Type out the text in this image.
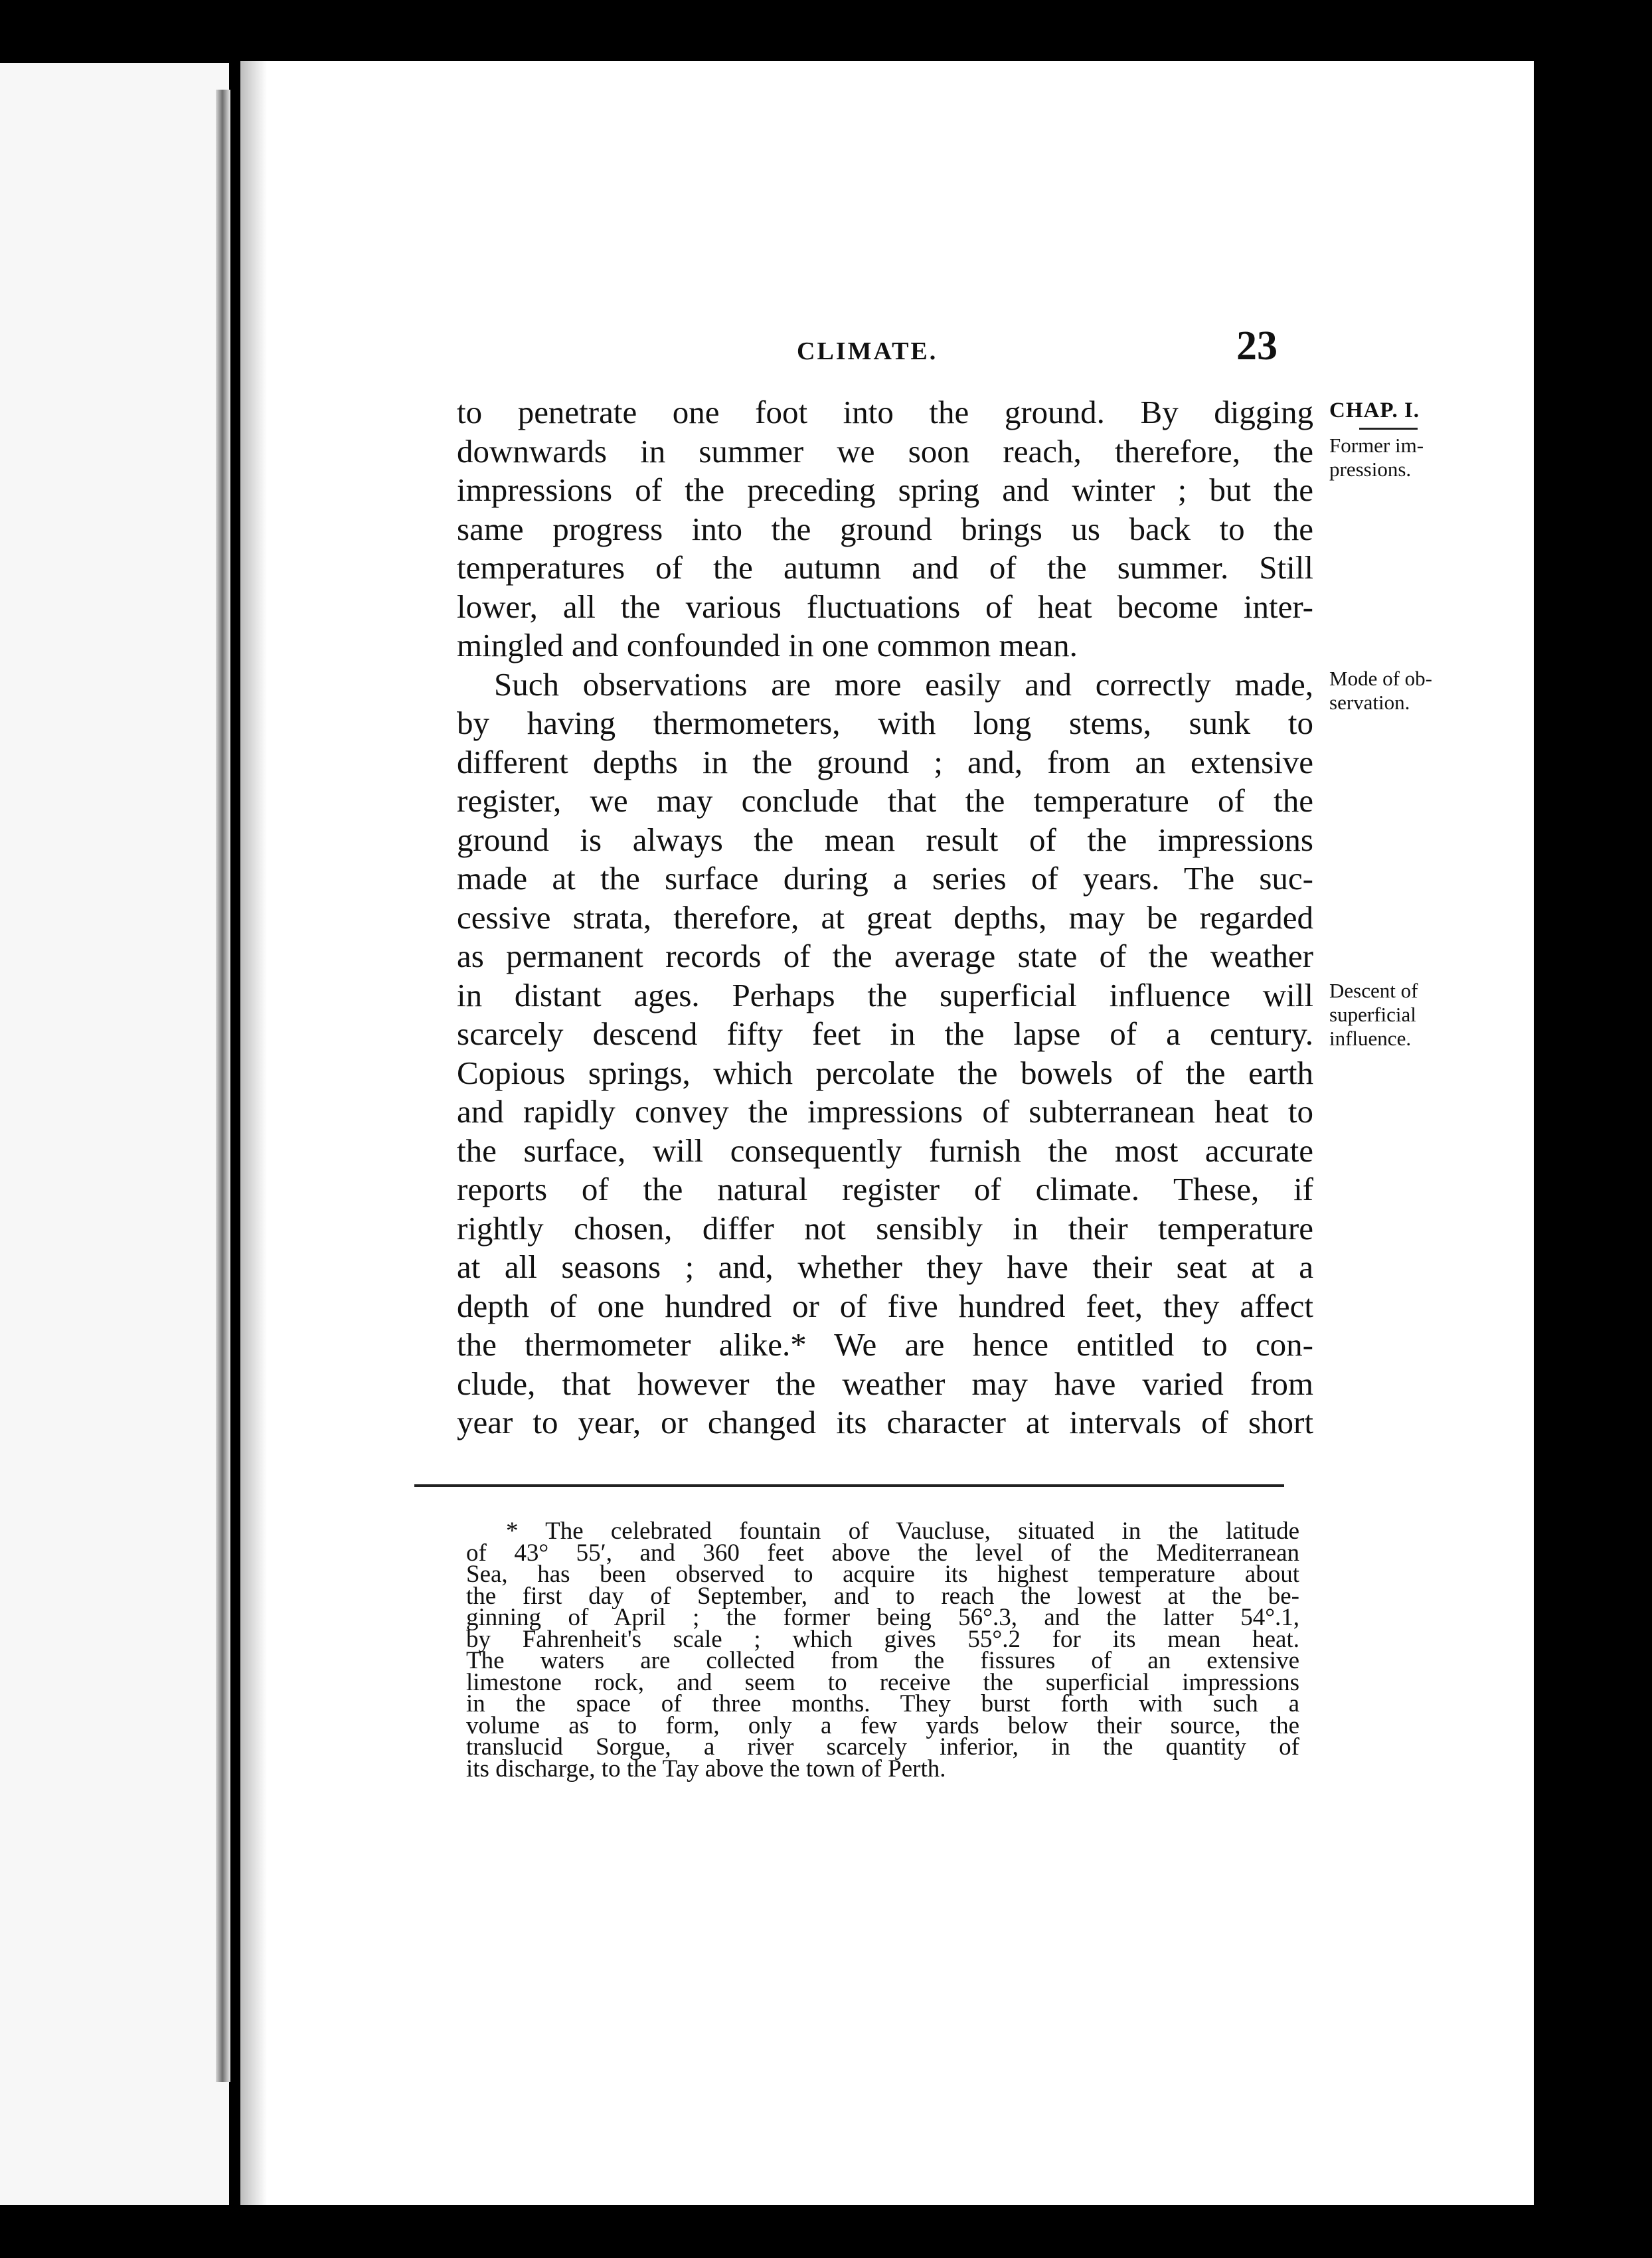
CLIMATE.	23
to penetrate one foot into the ground. By digging
downwards in summer we soon reach, therefore, the
impressions of the preceding spring and winter ; but the
same progress into the ground brings us back to the
temperatures of the autumn and of the summer. Still
lower, all the various fluctuations of heat become inter-
mingled and confounded in one common mean.
Such observations are more easily and correctly made,
by having thermometers, with long stems, sunk to
different depths in the ground ; and, from an extensive
register, we may conclude that the temperature of the
ground is always the mean result of the impressions
made at the surface during a series of years. The suc-
cessive strata, therefore, at great depths, may be regarded
as permanent records of the average state of the weather
in distant ages. Perhaps the superficial influence will
scarcely descend fifty feet in the lapse of a century.
Copious springs, which percolate the bowels of the earth
and rapidly convey the impressions of subterranean heat to
the surface, will consequently furnish the most accurate
reports of the natural register of climate. These, if
rightly chosen, differ not sensibly in their temperature
at all seasons ; and, whether they have their seat at a
depth of one hundred or of five hundred feet, they affect
the thermometer alike.* We are hence entitled to con-
clude, that however the weather may have varied from
year to year, or changed its character at intervals of short
CHAP. I.
Former im-
pressions.
Mode of ob-
servation.
Descent of
superficial
influence.
* The celebrated fountain of Vaucluse, situated in the latitude
of 43° 55′, and 360 feet above the level of the Mediterranean
Sea, has been observed to acquire its highest temperature about
the first day of September, and to reach the lowest at the be-
ginning of April ; the former being 56°.3, and the latter 54°.1,
by Fahrenheit's scale ; which gives 55°.2 for its mean heat.
The waters are collected from the fissures of an extensive
limestone rock, and seem to receive the superficial impressions
in the space of three months. They burst forth with such a
volume as to form, only a few yards below their source, the
translucid Sorgue, a river scarcely inferior, in the quantity of
its discharge, to the Tay above the town of Perth.
